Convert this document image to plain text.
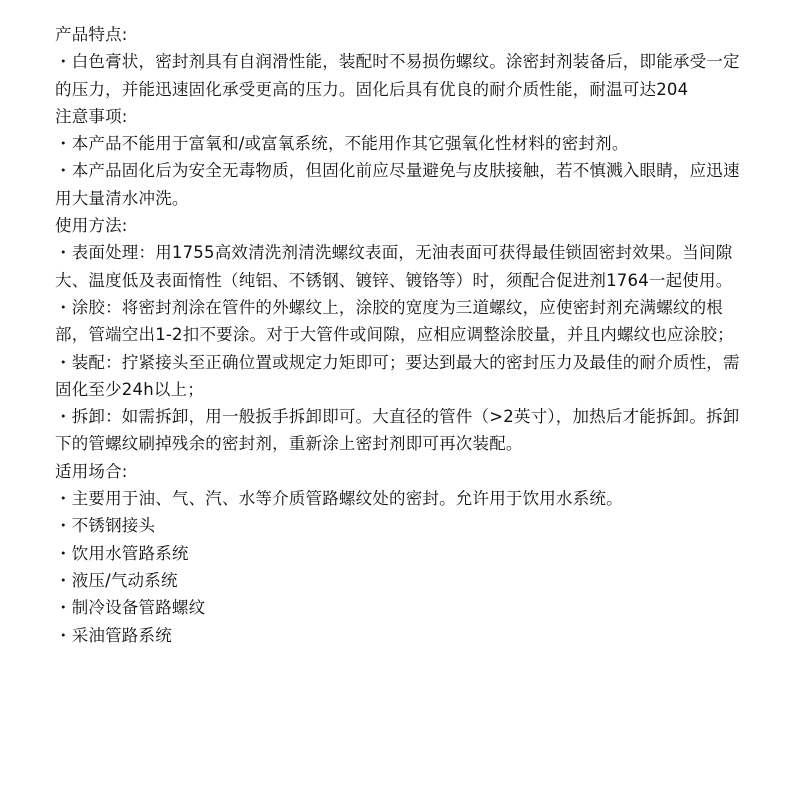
产品特点:
・白色膏状，密封剂具有自润滑性能，装配时不易损伤螺纹。涂密封剂装备后，即能承受一定的压力，并能迅速固化承受更高的压力。固化后具有优良的耐介质性能，耐温可达204
注意事项:
・本产品不能用于富氧和/或富氧系统，不能用作其它强氧化性材料的密封剂。
・本产品固化后为安全无毒物质，但固化前应尽量避免与皮肤接触，若不慎溅入眼睛，应迅速用大量清水冲洗。
使用方法:
・表面处理：用1755高效清洗剂清洗螺纹表面，无油表面可获得最佳锁固密封效果。当间隙大、温度低及表面惰性（纯铝、不锈钢、镀锌、镀铬等）时，须配合促进剂1764一起使用。
・涂胶：将密封剂涂在管件的外螺纹上，涂胶的宽度为三道螺纹，应使密封剂充满螺纹的根部，管端空出1-2扣不要涂。对于大管件或间隙，应相应调整涂胶量，并且内螺纹也应涂胶；
・装配：拧紧接头至正确位置或规定力矩即可；要达到最大的密封压力及最佳的耐介质性，需固化至少24h以上；
・拆卸：如需拆卸，用一般扳手拆卸即可。大直径的管件（>2英寸），加热后才能拆卸。拆卸下的管螺纹刷掉残余的密封剂，重新涂上密封剂即可再次装配。
适用场合:
・主要用于油、气、汽、水等介质管路螺纹处的密封。允许用于饮用水系统。
・不锈钢接头
・饮用水管路系统
・液压/气动系统
・制冷设备管路螺纹
・采油管路系统
